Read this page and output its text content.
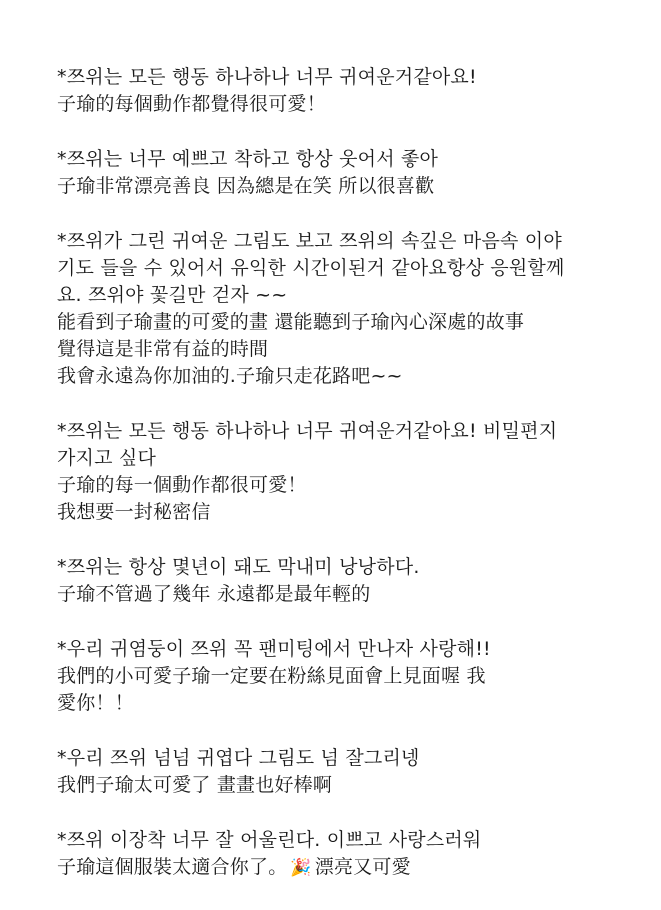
*쯔위는 모든 행동 하나하나 너무 귀여운거같아요!
子瑜的每個動作都覺得很可愛！
*쯔위는 너무 예쁘고 착하고 항상 웃어서 좋아
子瑜非常漂亮善良 因為總是在笑 所以很喜歡
*쯔위가 그린 귀여운 그림도 보고 쯔위의 속깊은 마음속 이야
기도 들을 수 있어서 유익한 시간이된거 같아요항상 응원할께
요. 쯔위야 꽃길만 걷자 ~~
能看到子瑜畫的可愛的畫 還能聽到子瑜內心深處的故事
覺得這是非常有益的時間
我會永遠為你加油的.子瑜只走花路吧~~
*쯔위는 모든 행동 하나하나 너무 귀여운거같아요! 비밀편지
가지고 싶다
子瑜的每一個動作都很可愛！
我想要一封秘密信
*쯔위는 항상 몇년이 돼도 막내미 낭낭하다.
子瑜不管過了幾年 永遠都是最年輕的
*우리 귀염둥이 쯔위 꼭 팬미팅에서 만나자 사랑해!!
我們的小可愛子瑜一定要在粉絲見面會上見面喔 我
愛你！！
*우리 쯔위 넘넘 귀엽다 그림도 넘 잘그리넹
我們子瑜太可愛了 畫畫也好棒啊
*쯔위 이장착 너무 잘 어울린다. 이쁘고 사랑스러워
子瑜這個服裝太適合你了。 🎉 漂亮又可愛
